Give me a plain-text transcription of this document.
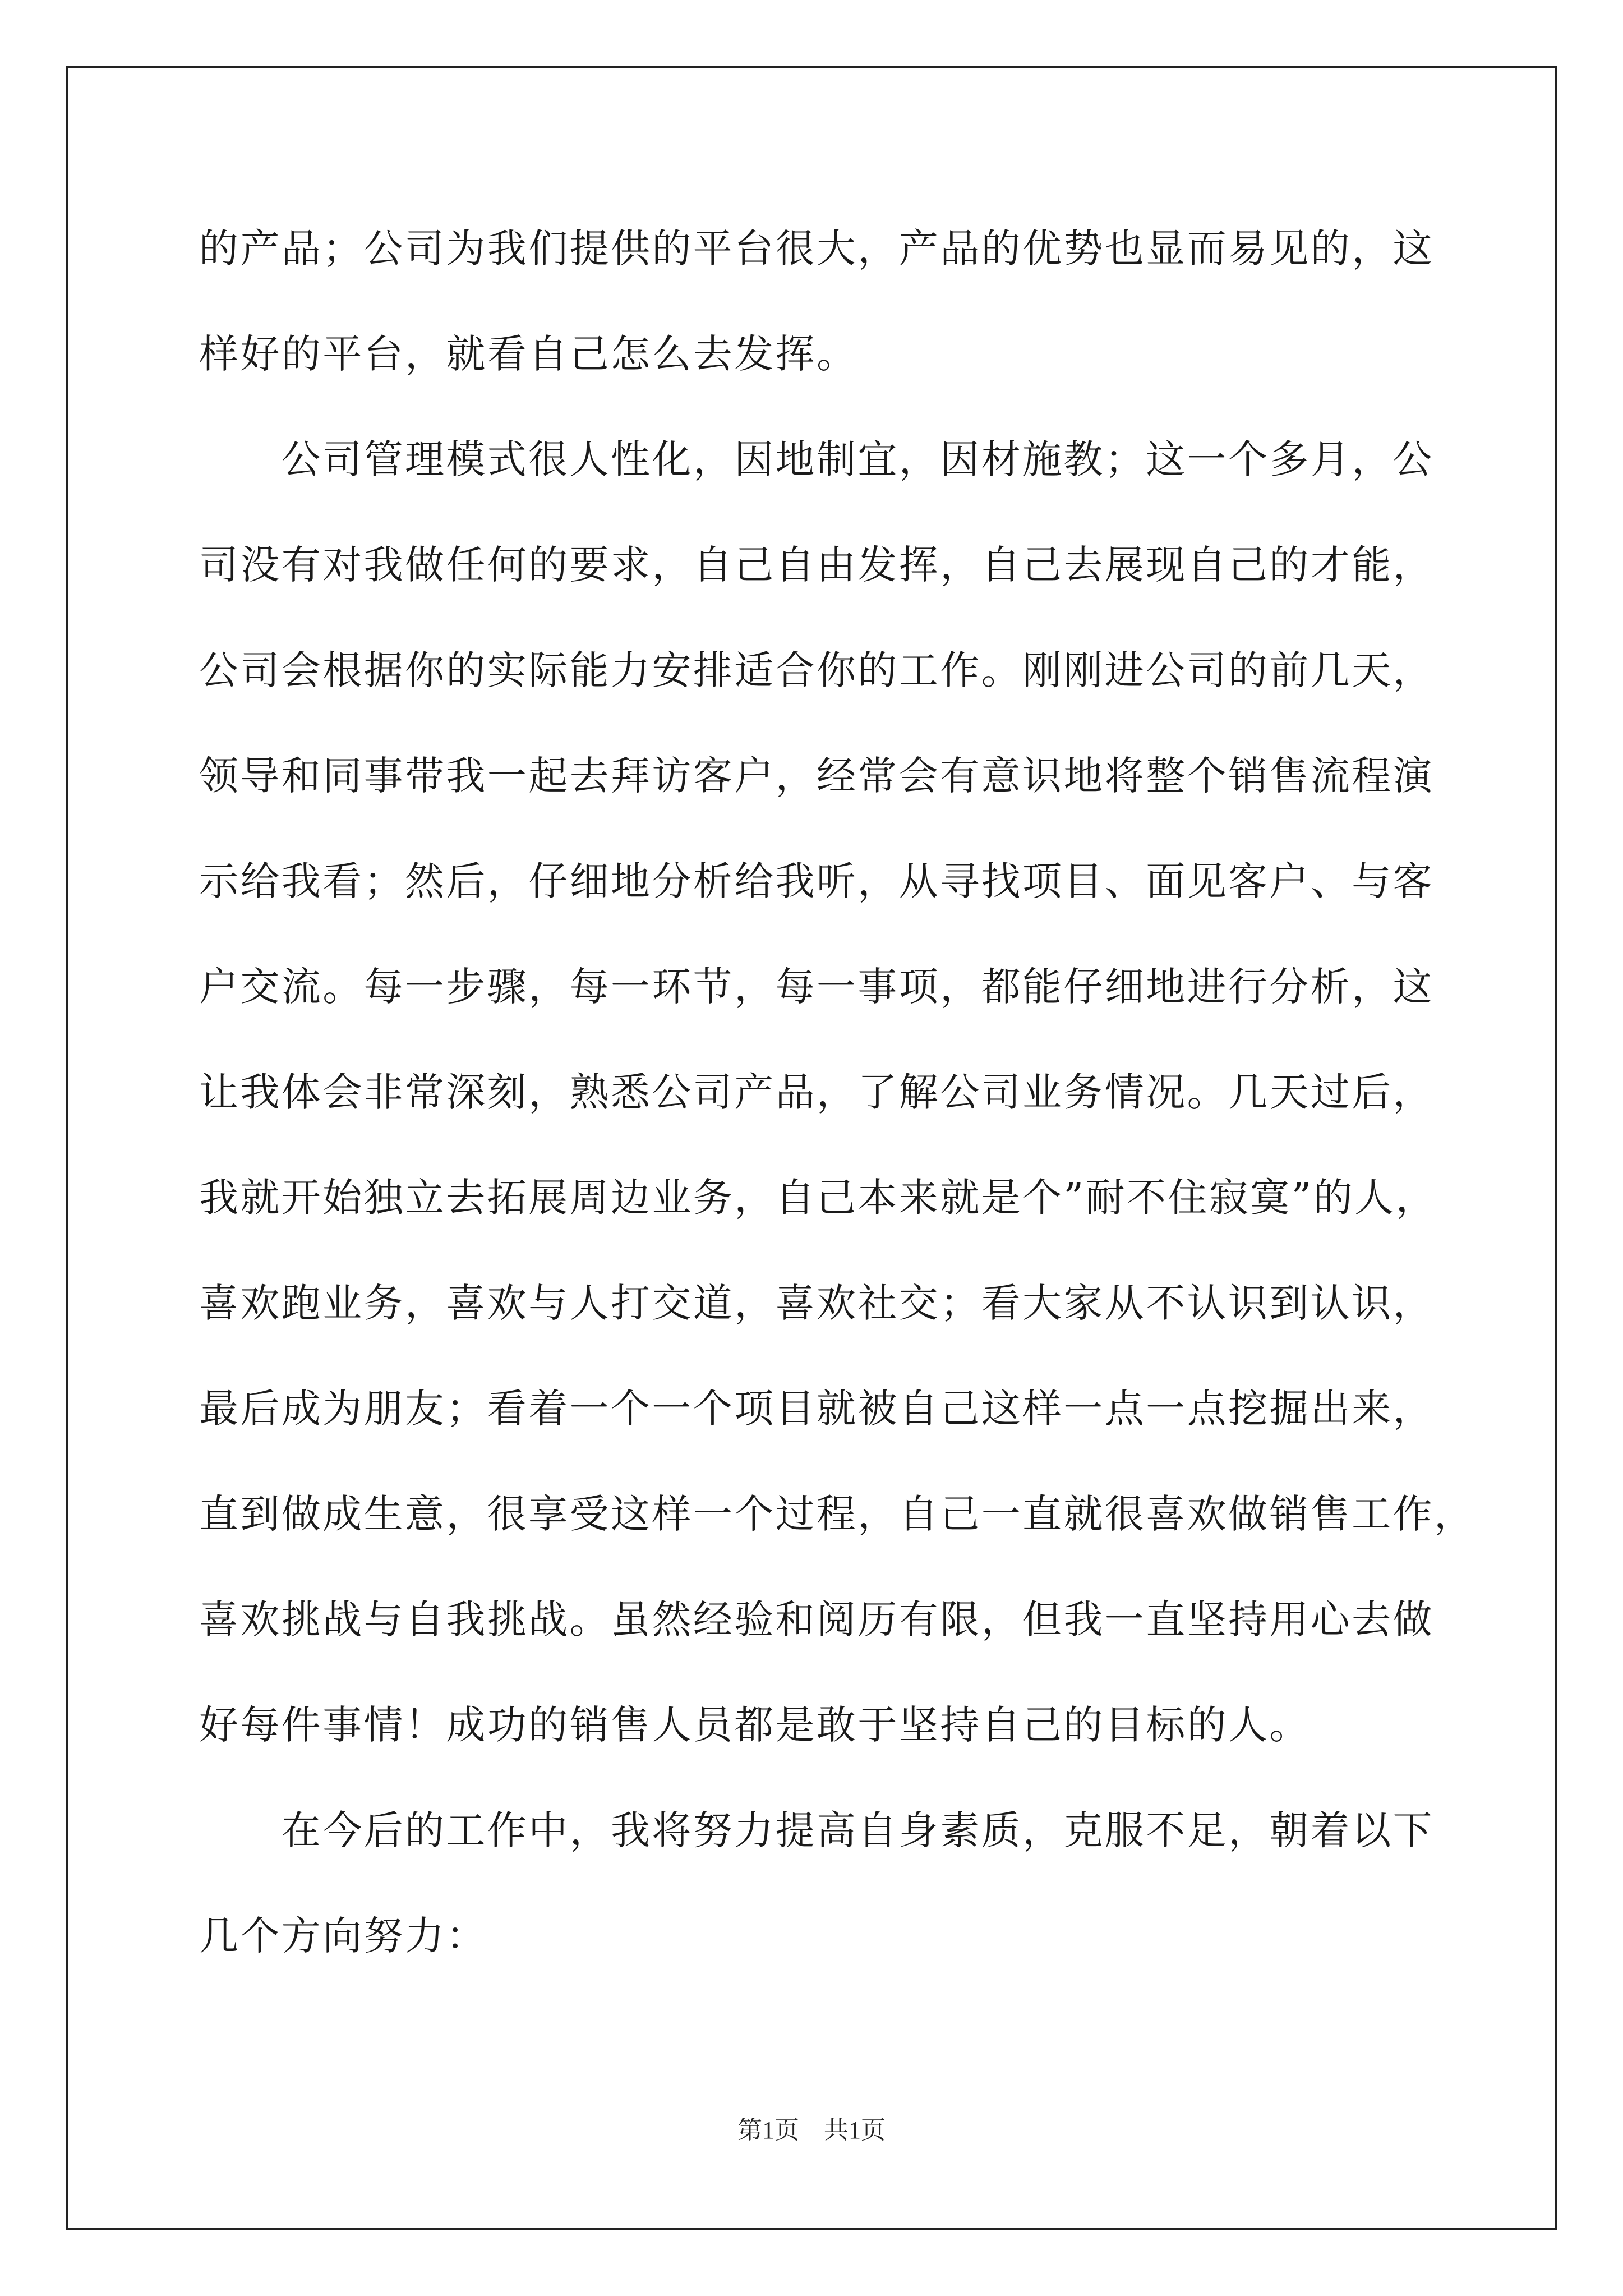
的产品；公司为我们提供的平台很大，产品的优势也显而易见的，这

样好的平台，就看自己怎么去发挥。

　　公司管理模式很人性化，因地制宜，因材施教；这一个多月，公

司没有对我做任何的要求，自己自由发挥，自己去展现自己的才能，

公司会根据你的实际能力安排适合你的工作。刚刚进公司的前几天，

领导和同事带我一起去拜访客户，经常会有意识地将整个销售流程演

示给我看；然后，仔细地分析给我听，从寻找项目、面见客户、与客

户交流。每一步骤，每一环节，每一事项，都能仔细地进行分析，这

让我体会非常深刻，熟悉公司产品，了解公司业务情况。几天过后，

我就开始独立去拓展周边业务，自己本来就是个”耐不住寂寞”的人，

喜欢跑业务，喜欢与人打交道，喜欢社交；看大家从不认识到认识，

最后成为朋友；看着一个一个项目就被自己这样一点一点挖掘出来，

直到做成生意，很享受这样一个过程，自己一直就很喜欢做销售工作，

喜欢挑战与自我挑战。虽然经验和阅历有限，但我一直坚持用心去做

好每件事情！成功的销售人员都是敢于坚持自己的目标的人。

　　在今后的工作中，我将努力提高自身素质，克服不足，朝着以下

几个方向努力：

第1页　共1页
